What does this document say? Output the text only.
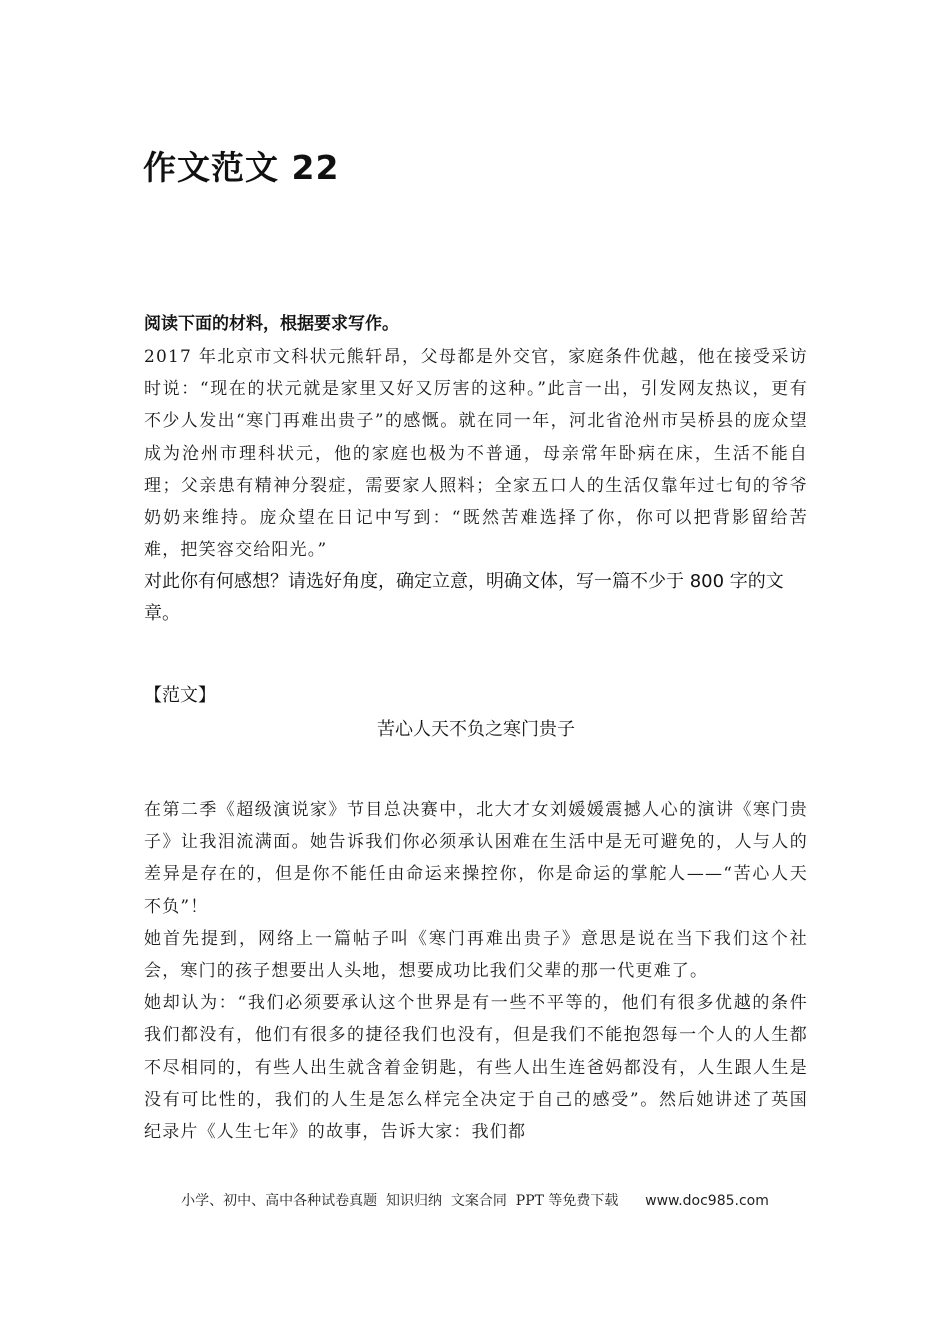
作文范文 22
阅读下面的材料，根据要求写作。
2017 年北京市文科状元熊轩昂，父母都是外交官，家庭条件优越，他在接受采访时说：“现在的状元就是家里又好又厉害的这种。”此言一出，引发网友热议，更有不少人发出“寒门再难出贵子”的感慨。就在同一年，河北省沧州市吴桥县的庞众望成为沧州市理科状元，他的家庭也极为不普通，母亲常年卧病在床，生活不能自理；父亲患有精神分裂症，需要家人照料；全家五口人的生活仅靠年过七旬的爷爷奶奶来维持。庞众望在日记中写到：“既然苦难选择了你，你可以把背影留给苦难，把笑容交给阳光。”
对此你有何感想？请选好角度，确定立意，明确文体，写一篇不少于 800 字的文章。
【范文】
苦心人天不负之寒门贵子

在第二季《超级演说家》节目总决赛中，北大才女刘媛媛震撼人心的演讲《寒门贵子》让我泪流满面。她告诉我们你必须承认困难在生活中是无可避免的，人与人的差异是存在的，但是你不能任由命运来操控你，你是命运的掌舵人——“苦心人天不负”！

她首先提到，网络上一篇帖子叫《寒门再难出贵子》意思是说在当下我们这个社会，寒门的孩子想要出人头地，想要成功比我们父辈的那一代更难了。

她却认为：“我们必须要承认这个世界是有一些不平等的，他们有很多优越的条件我们都没有，他们有很多的捷径我们也没有，但是我们不能抱怨每一个人的人生都不尽相同的，有些人出生就含着金钥匙，有些人出生连爸妈都没有，人生跟人生是没有可比性的，我们的人生是怎么样完全决定于自己的感受”。然后她讲述了英国纪录片《人生七年》的故事，告诉大家：我们都

小学、初中、高中各种试卷真题  知识归纳  文案合同  PPT 等免费下载 www.doc985.com
